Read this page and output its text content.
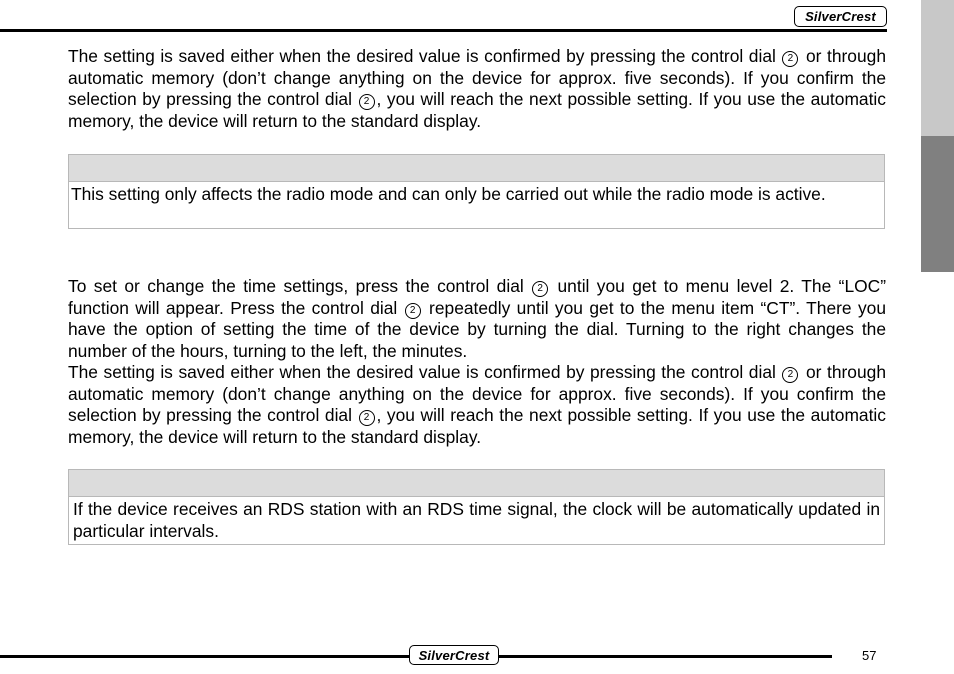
SilverCrest

The setting is saved either when the desired value is confirmed by pressing the control dial 2 or through automatic memory (don’t change anything on the device for approx. five seconds). If you confirm the selection by pressing the control dial 2 , you will reach the next possible setting. If you use the automatic memory, the device will return to the standard display.

This setting only affects the radio mode and can only be carried out while the radio mode is active.

To set or change the time settings, press the control dial 2 until you get to menu level 2. The “LOC” function will appear. Press the control dial 2 repeatedly until you get to the menu item “CT”. There you have the option of setting the time of the device by turning the dial. Turning to the right changes the number of the hours, turning to the left, the minutes.

The setting is saved either when the desired value is confirmed by pressing the control dial 2 or through automatic memory (don’t change anything on the device for approx. five seconds). If you confirm the selection by pressing the control dial 2 , you will reach the next possible setting. If you use the automatic memory, the device will return to the standard display.

If the device receives an RDS station with an RDS time signal, the clock will be automatically updated in particular intervals.
SilverCrest	57
